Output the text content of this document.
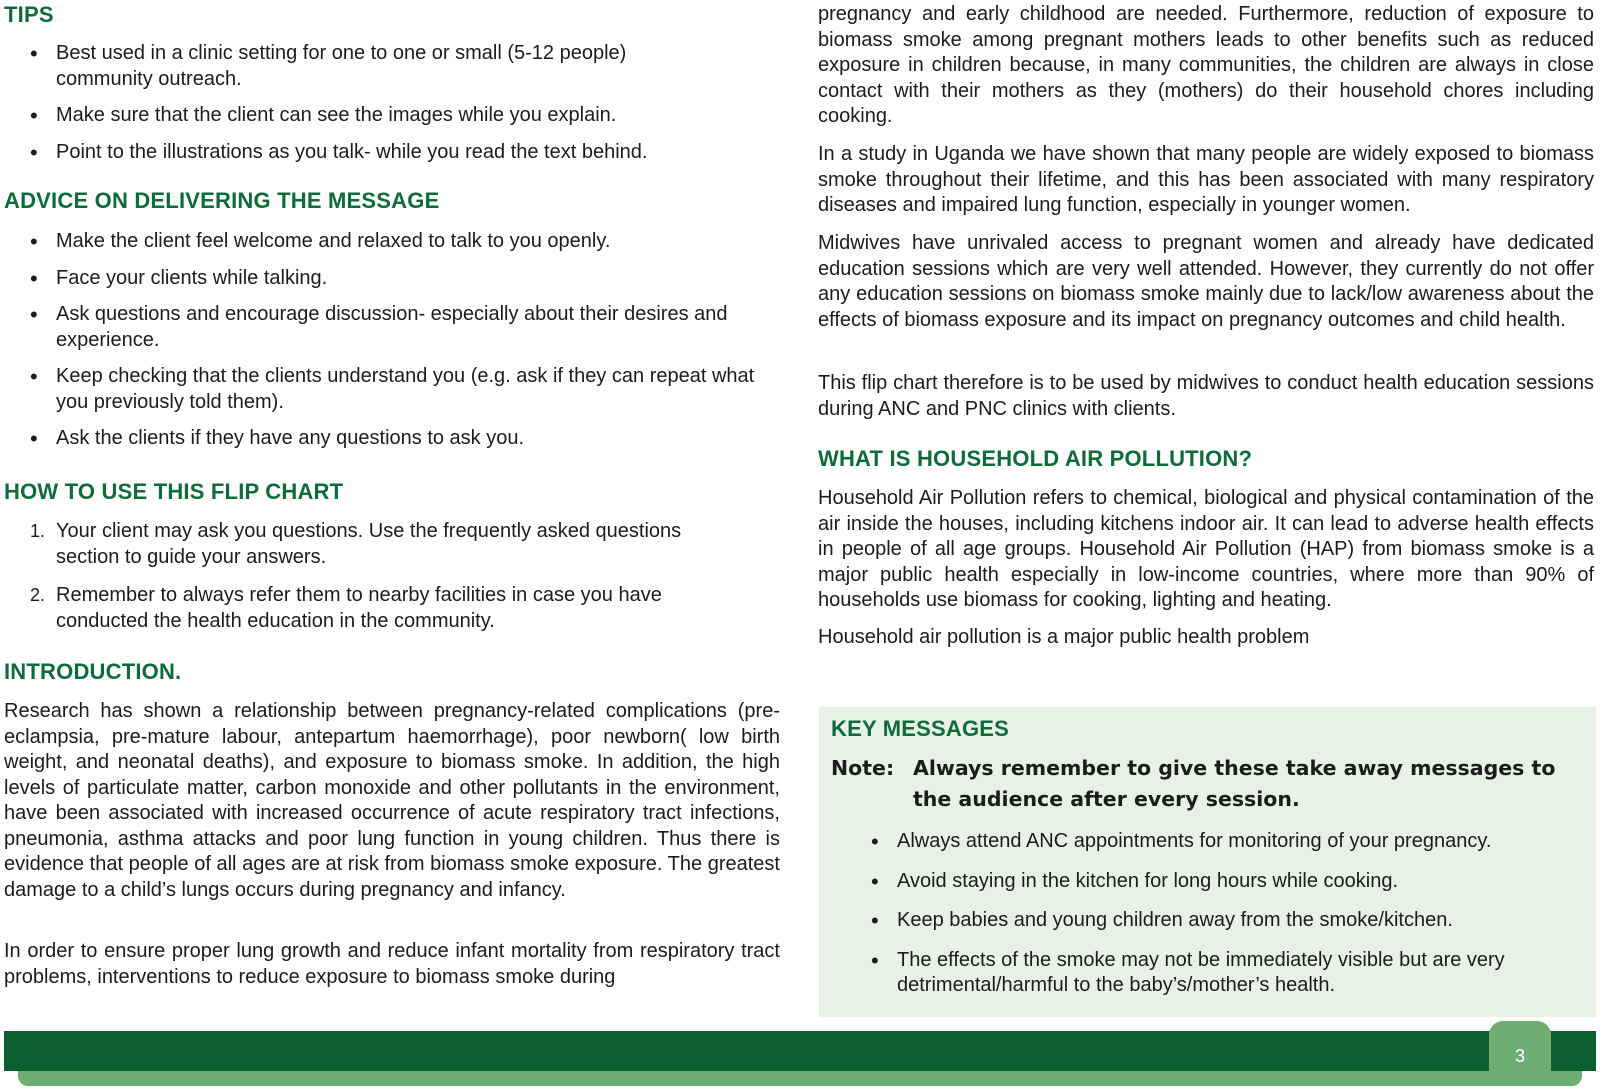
TIPS
• Best used in a clinic setting for one to one or small (5-12 people) community outreach.
• Make sure that the client can see the images while you explain.
• Point to the illustrations as you talk- while you read the text behind.
ADVICE ON DELIVERING THE MESSAGE
• Make the client feel welcome and relaxed to talk to you openly.
• Face your clients while talking.
• Ask questions and encourage discussion- especially about their desires and experience.
• Keep checking that the clients understand you (e.g. ask if they can repeat what you previously told them).
• Ask the clients if they have any questions to ask you.
HOW TO USE THIS FLIP CHART
1. Your client may ask you questions. Use the frequently asked questions section to guide your answers.
2. Remember to always refer them to nearby facilities in case you have conducted the health education in the community.
INTRODUCTION.

Research has shown a relationship between pregnancy-related complications (pre-eclampsia, pre-mature labour, antepartum haemorrhage), poor newborn( low birth weight, and neonatal deaths), and exposure to biomass smoke. In addition, the high levels of particulate matter, carbon monoxide and other pollutants in the environment, have been associated with increased occurrence of acute respiratory tract infections, pneumonia, asthma attacks and poor lung function in young children. Thus there is evidence that people of all ages are at risk from biomass smoke exposure. The greatest damage to a child’s lungs occurs during pregnancy and infancy.

In order to ensure proper lung growth and reduce infant mortality from respiratory tract problems, interventions to reduce exposure to biomass smoke during

pregnancy and early childhood are needed. Furthermore, reduction of exposure to biomass smoke among pregnant mothers leads to other benefits such as reduced exposure in children because, in many communities, the children are always in close contact with their mothers as they (mothers) do their household chores including cooking.

In a study in Uganda we have shown that many people are widely exposed to biomass smoke throughout their lifetime, and this has been associated with many respiratory diseases and impaired lung function, especially in younger women.

Midwives have unrivaled access to pregnant women and already have dedicated education sessions which are very well attended. However, they currently do not offer any education sessions on biomass smoke mainly due to lack/low awareness about the effects of biomass exposure and its impact on pregnancy outcomes and child health.

This flip chart therefore is to be used by midwives to conduct health education sessions during ANC and PNC clinics with clients.

WHAT IS HOUSEHOLD AIR POLLUTION?

Household Air Pollution refers to chemical, biological and physical contamination of the air inside the houses, including kitchens indoor air. It can lead to adverse health effects in people of all age groups. Household Air Pollution (HAP) from biomass smoke is a major public health especially in low-income countries, where more than 90% of households use biomass for cooking, lighting and heating.

Household air pollution is a major public health problem

KEY MESSAGES
Note: Always remember to give these take away messages to the audience after every session.
• Always attend ANC appointments for monitoring of your pregnancy.
• Avoid staying in the kitchen for long hours while cooking.
• Keep babies and young children away from the smoke/kitchen.
• The effects of the smoke may not be immediately visible but are very detrimental/harmful to the baby’s/mother’s health.
3
